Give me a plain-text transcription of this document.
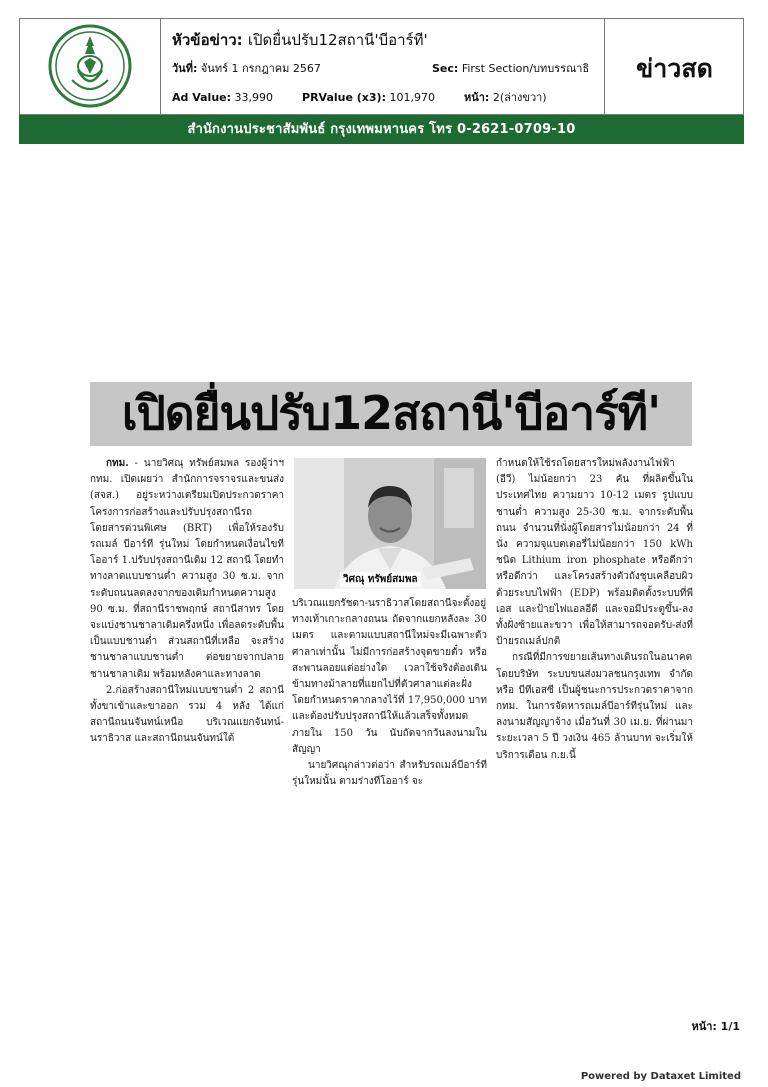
หัวข้อข่าว: เปิดยื่นปรับ12สถานี'บีอาร์ที'
วันที่: จันทร์ 1 กรกฎาคม 2567	Sec: First Section/บทบรรณาธิ
Ad Value: 33,990	PRValue (x3): 101,970	หน้า: 2(ล่างขวา)
ข่าวสด
สำนักงานประชาสัมพันธ์ กรุงเทพมหานคร โทร 0-2621-0709-10
เปิดยื่นปรับ12สถานี'บีอาร์ที'

กทม. - นายวิศณุ ทรัพย์สมพล รองผู้ว่าฯ กทม. เปิดเผยว่า สำนักการจราจรและขนส่ง (สจส.) อยู่ระหว่างเตรียมเปิดประกวดราคาโครงการก่อสร้างและปรับปรุงสถานีรถโดยสารด่วนพิเศษ (BRT) เพื่อให้รองรับรถเมล์ บีอาร์ที รุ่นใหม่ โดยกำหนดเงื่อนไขทีโออาร์ 1.ปรับปรุงสถานีเดิม 12 สถานี โดยทำทางลาดแบบชานต่ำ ความสูง 30 ซ.ม. จากระดับถนนลดลงจากของเดิมกำหนดความสูง 90 ซ.ม. ที่สถานีราชพฤกษ์ สถานีสาทร โดยจะแบ่งชานชาลาเดิมครึ่งหนึ่ง เพื่อลดระดับพื้นเป็นแบบชานต่ำ ส่วนสถานีที่เหลือ จะสร้างชานชาลาแบบชานต่ำ ต่อขยายจากปลายชานชาลาเดิม พร้อมหลังคาและทางลาด

2.ก่อสร้างสถานีใหม่แบบชานต่ำ 2 สถานี ทั้งขาเข้าและขาออก รวม 4 หลัง ได้แก่ สถานีถนนจันทน์เหนือ บริเวณแยกจันทน์-นราธิวาส และสถานีถนนจันทน์ใต้

วิศณุ ทรัพย์สมพล

บริเวณแยกรัชดา-นราธิวาสโดยสถานีจะตั้งอยู่ทางเท้าเกาะกลางถนน ถัดจากแยกหลังละ 30 เมตร และตามแบบสถานีใหม่จะมีเฉพาะตัวศาลาเท่านั้น ไม่มีการก่อสร้างจุดขายตั๋ว หรือสะพานลอยแต่อย่างใด เวลาใช้จริงต้องเดินข้ามทางม้าลายที่แยกไปที่ตัวศาลาแต่ละฝั่ง โดยกำหนดราคากลางไว้ที่ 17,950,000 บาท และต้องปรับปรุงสถานีให้แล้วเสร็จทั้งหมดภายใน 150 วัน นับถัดจากวันลงนามในสัญญา

นายวิศณุกล่าวต่อว่า สำหรับรถเมล์บีอาร์ที รุ่นใหม่นั้น ตามร่างทีโออาร์ จะ

กำหนดให้ใช้รถโดยสารใหม่พลังงานไฟฟ้า (อีวี) ไม่น้อยกว่า 23 คัน ที่ผลิตขึ้นในประเทศไทย ความยาว 10-12 เมตร รูปแบบชานต่ำ ความสูง 25-30 ซ.ม. จากระดับพื้นถนน จำนวนที่นั่งผู้โดยสารไม่น้อยกว่า 24 ที่นั่ง ความจุแบตเตอรี่ไม่น้อยกว่า 150 kWh ชนิด Lithium iron phosphate หรือดีกว่าหรือดีกว่า และโครงสร้างตัวถังชุบเคลือบผิวด้วยระบบไฟฟ้า (EDP) พร้อมติดตั้งระบบที่พีเอส และป้ายไฟแอลอีดี และจอมีประตูขึ้น-ลงทั้งฝั่งซ้ายและขวา เพื่อให้สามารถจอดรับ-ส่งที่ป้ายรถเมล์ปกติ

กรณีที่มีการขยายเส้นทางเดินรถในอนาคต โดยบริษัท ระบบขนส่งมวลชนกรุงเทพ จำกัด หรือ บีทีเอสซี เป็นผู้ชนะการประกวดราคาจาก กทม. ในการจัดหารถเมล์บีอาร์ทีรุ่นใหม่ และลงนามสัญญาจ้าง เมื่อวันที่ 30 เม.ย. ที่ผ่านมา ระยะเวลา 5 ปี วงเงิน 465 ล้านบาท จะเริ่มให้บริการเดือน ก.ย.นี้

หน้า: 1/1
Powered by Dataxet Limited
